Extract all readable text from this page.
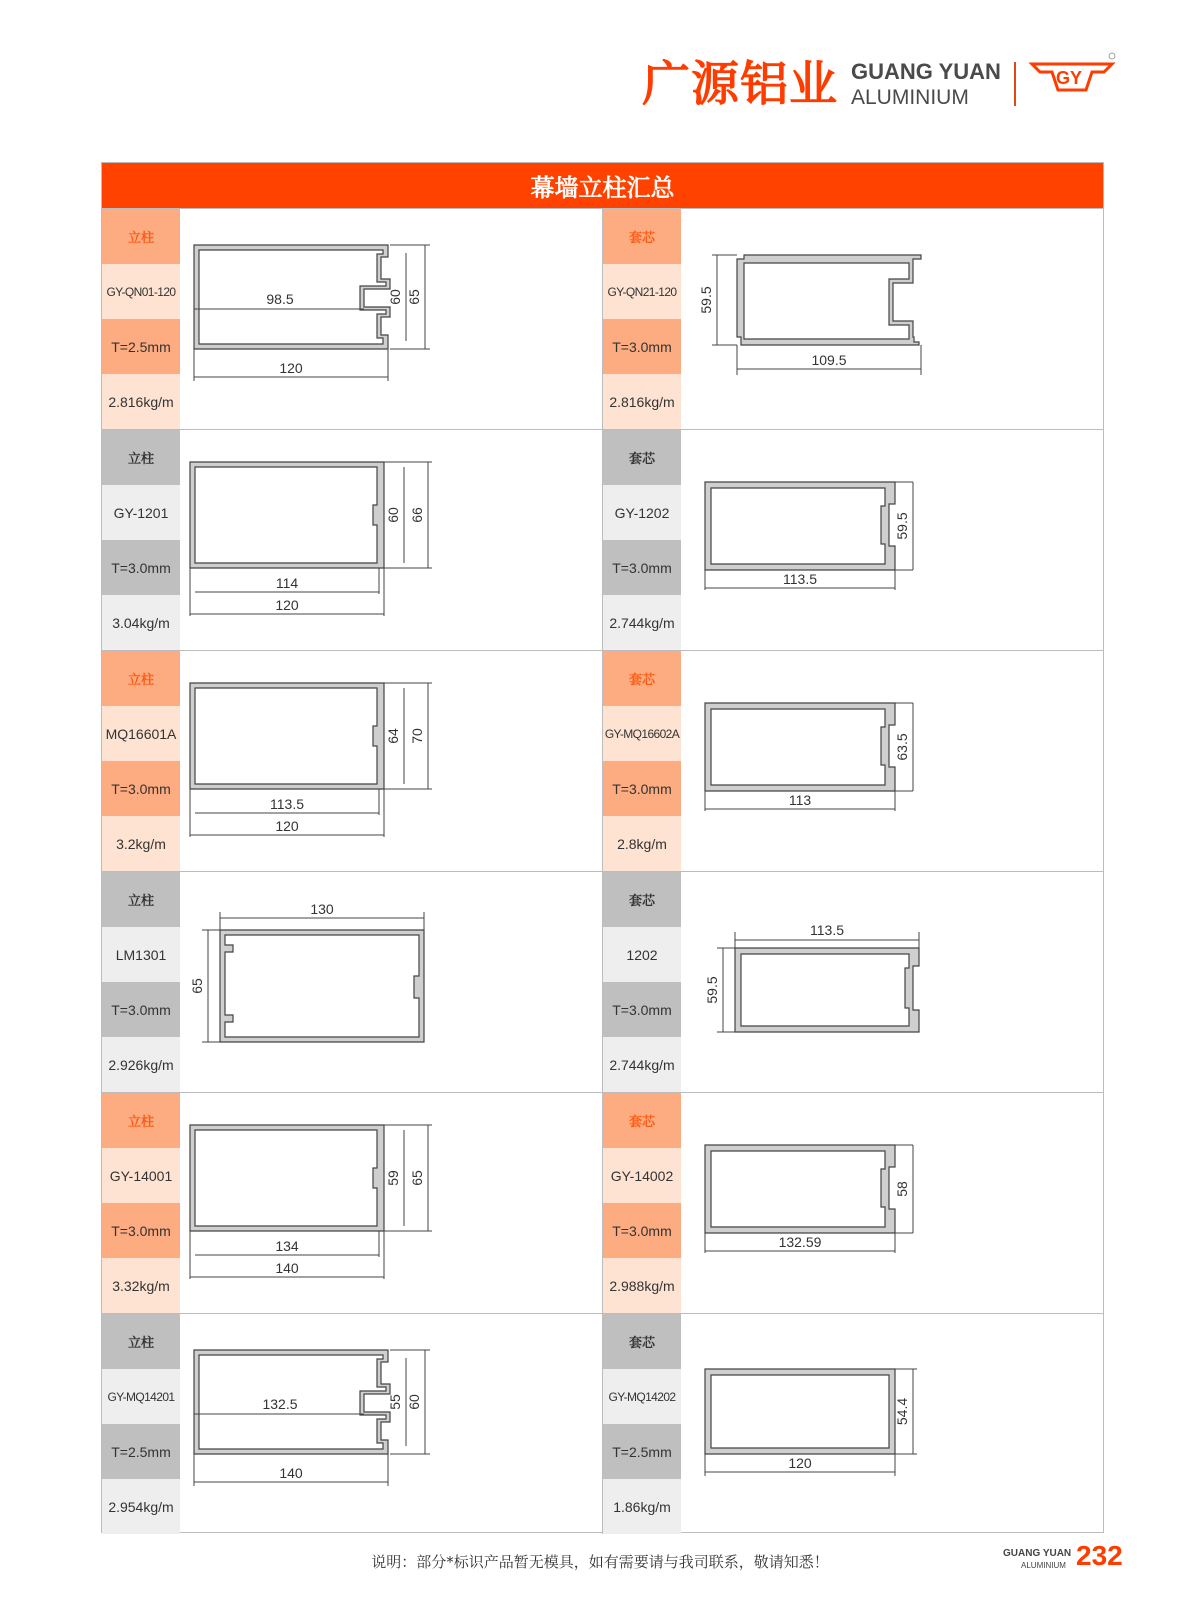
广源铝业 GUANG YUAN
ALUMINIUM
GY
幕墙立柱汇总
立柱
GY-QN01-120
T=2.5mm
2.816kg/m
98.5
120
60 65
套芯
GY-QN21-120
T=3.0mm
2.816kg/m
59.5
109.5
立柱
GY-1201
T=3.0mm
3.04kg/m
114
120
60 66
套芯
GY-1202
T=3.0mm
2.744kg/m
113.5
59.5
立柱
MQ16601A
T=3.0mm
3.2kg/m
113.5
120
64 70
套芯
GY-MQ16602A
T=3.0mm
2.8kg/m
113
63.5
立柱
LM1301
T=3.0mm
2.926kg/m
130
65
套芯
1202
T=3.0mm
2.744kg/m
113.5
59.5
立柱
GY-14001
T=3.0mm
3.32kg/m
134
140
59 65
套芯
GY-14002
T=3.0mm
2.988kg/m
132.59
58
立柱
GY-MQ14201
T=2.5mm
2.954kg/m
132.5
140
55 60
套芯
GY-MQ14202
T=2.5mm
1.86kg/m
120
54.4
说明：部分*标识产品暂无模具，如有需要请与我司联系，敬请知悉！	GUANG YUAN
ALUMINIUM 232
